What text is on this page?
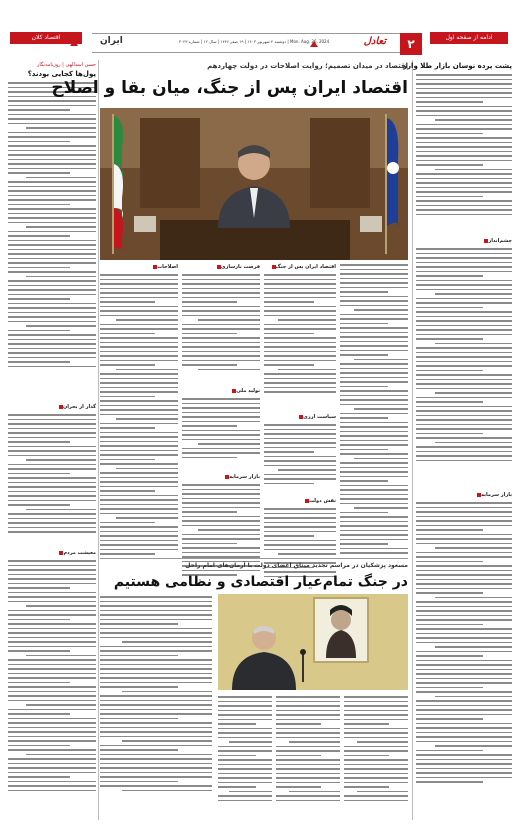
اقتصاد کلان	ایران	دوشنبه ۴ شهریور ۱۴۰۳ | ۱۹ صفر ۱۴۴۶ | سال ۱۲ | شماره ۳۰۲۳ | Mon. Aug. 26, 2024	تعادل	۲	ادامه از صفحه اول
حسن اسدالهی | روزنامه‌نگار
پول‌ها کجایی بودند؟
گذار از بحران
معیشت مردم
اقتصاد در میدان تصمیم؛ روایت اصلاحات در دولت چهاردهم
اقتصاد ایران پس از جنگ، میان بقا و اصلاح
اقتصاد ایران پس از جنگ
سیاست ارزی
نقش دولت
فرصت بازسازی
تولید ملی
بازار سرمایه
اصلاحات
مسعود پزشکیان در مراسم تجدید میثاق اعضای دولت با آرمان‌های امام راحل
در جنگ تمام‌عیار اقتصادی و نظامی هستیم
پشت پرده نوسان بازار طلا وارز
چشم‌انداز
بازار سرمایه
